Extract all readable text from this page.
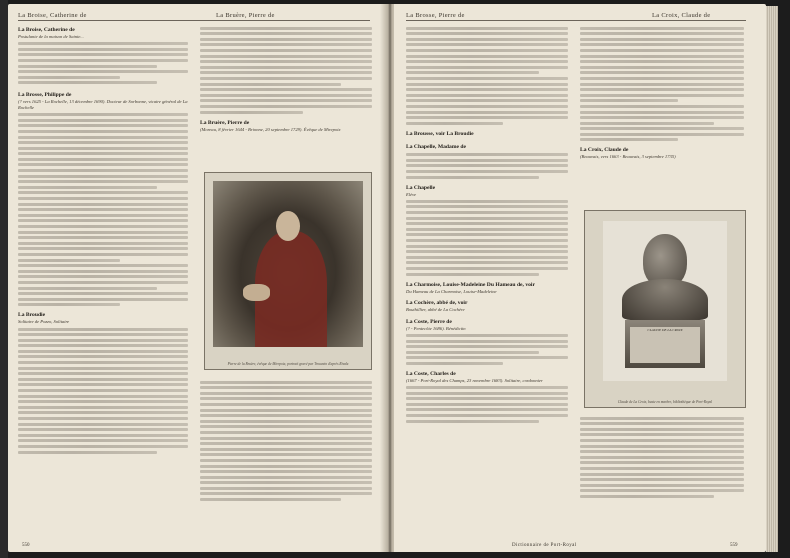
La Broise, Catherine de	La Bruère, Pierre de
La Broise, Catherine de
Postulante de la maison de Sainte...
La Brosse, Philippe de
(? vers 1625 - La Rochelle, 13 décembre 1690). Docteur de Sorbonne, vicaire général de La Rochelle
La Broudie
Solitaire de Pozzo, Solitaire
La Bruère, Pierre de
(Moreau, 8 février 1644 - Brionne, 20 septembre 1729). Évêque de Mirepoix
Pierre de la Bruère, évêque de Mirepoix, portrait gravé par Trouvain d'après Rivalz
550
La Brosse, Pierre de	La Croix, Claude de
La Brousse, voir La Broudie
La Chapelle, Madame de
La Chapelle
Elève
La Charmoise, Louise-Madeleine Du Hameau de, voir
Du Hameau de La Charmoise, Louise-Madeleine
La Cochère, abbé de, voir
Bouthillier, abbé de La Cochère
La Coste, Pierre de
(? - Pentecôte 1686). Bénédictin
La Coste, Charles de
(1667 - Port-Royal des Champs, 23 novembre 1683). Solitaire, cordonnier
La Croix, Claude de
(Beauvais, vers 1663 - Beauvais, 3 septembre 1735)
CLAUDE DE LA CROIX
Claude de La Croix, buste en marbre, bibliothèque de Port-Royal
Dictionnaire de Port-Royal	559
